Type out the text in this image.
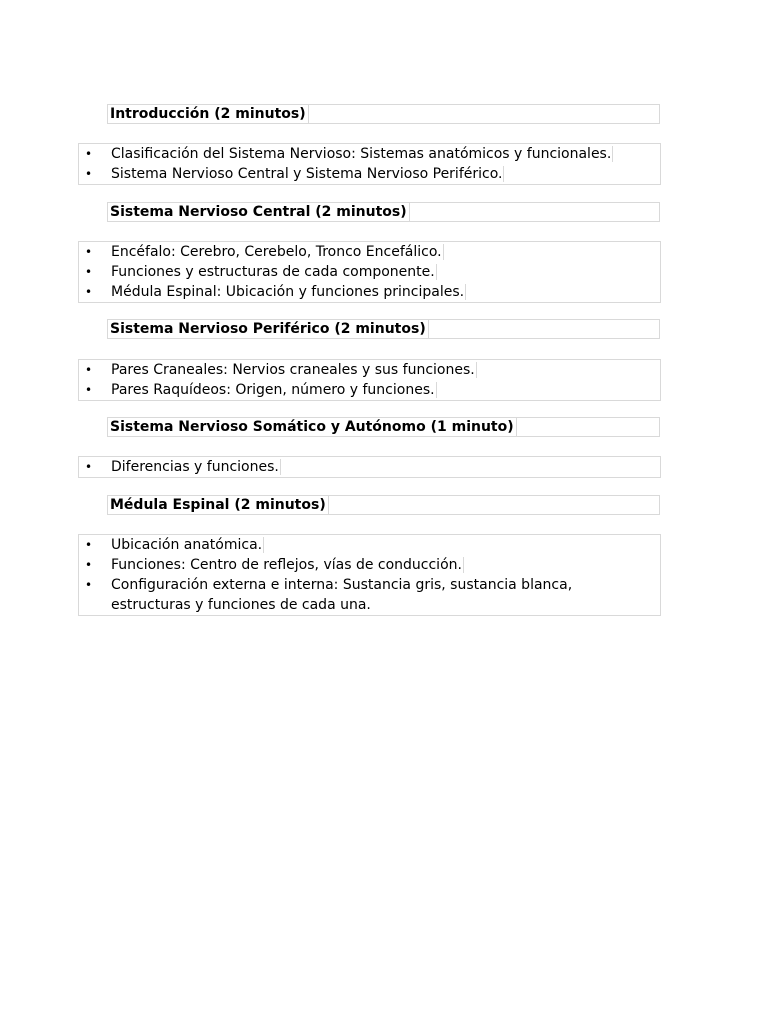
Introducción (2 minutos)
• Clasificación del Sistema Nervioso: Sistemas anatómicos y funcionales.
• Sistema Nervioso Central y Sistema Nervioso Periférico.
Sistema Nervioso Central (2 minutos)
• Encéfalo: Cerebro, Cerebelo, Tronco Encefálico.
• Funciones y estructuras de cada componente.
• Médula Espinal: Ubicación y funciones principales.
Sistema Nervioso Periférico (2 minutos)
• Pares Craneales: Nervios craneales y sus funciones.
• Pares Raquídeos: Origen, número y funciones.
Sistema Nervioso Somático y Autónomo (1 minuto)
• Diferencias y funciones.
Médula Espinal (2 minutos)
• Ubicación anatómica.
• Funciones: Centro de reflejos, vías de conducción.
• Configuración externa e interna: Sustancia gris, sustancia blanca, estructuras y funciones de cada una.
